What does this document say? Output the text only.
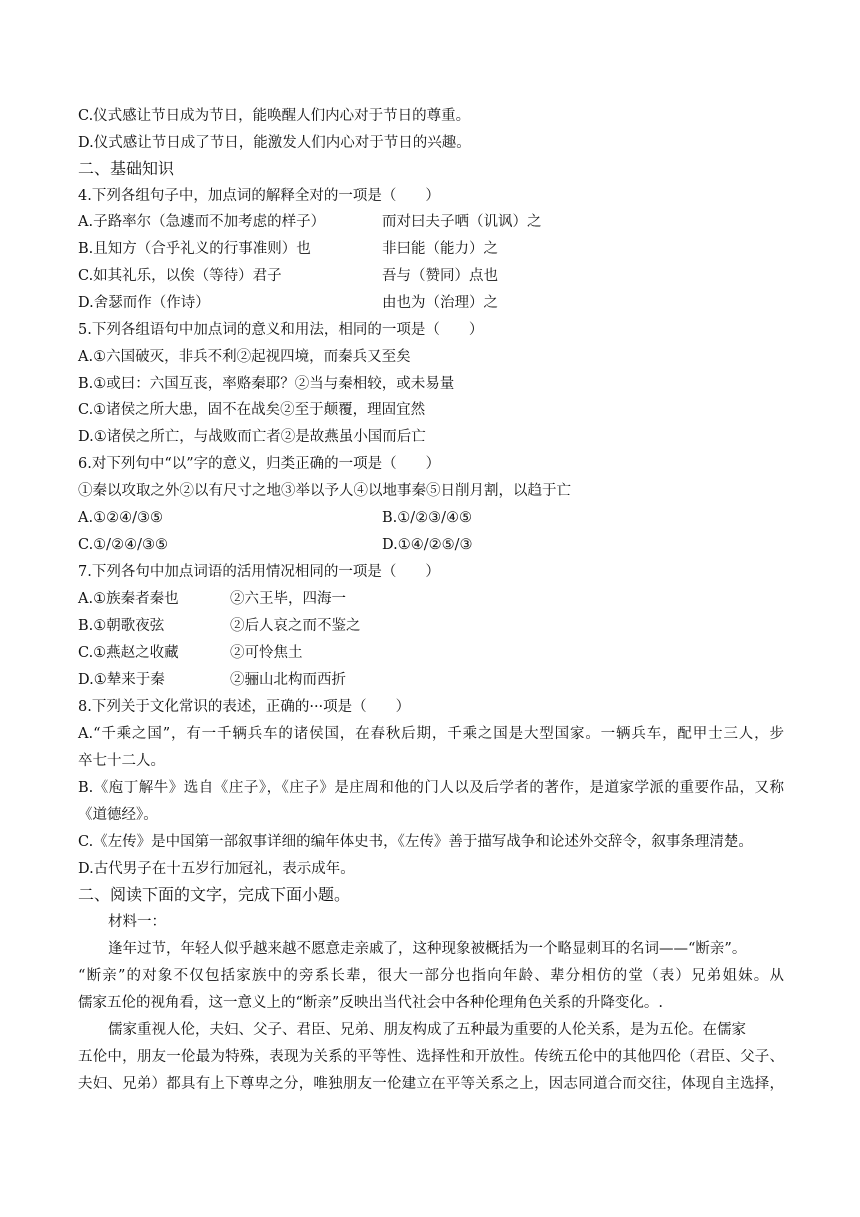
C.仪式感让节日成为节日，能唤醒人们内心对于节日的尊重。
D.仪式感让节日成了节日，能激发人们内心对于节日的兴趣。
二、基础知识
4.下列各组句子中，加点词的解释全对的一项是（　　）
A.子路率尔（急遽而不加考虑的样子）	而对曰夫子哂（讥讽）之
B.且知方（合乎礼义的行事准则）也	非曰能（能力）之
C.如其礼乐，以俟（等待）君子	吾与（赞同）点也
D.舍瑟而作（作诗）	由也为（治理）之
5.下列各组语句中加点词的意义和用法，相同的一项是（　　）
A.①六国破灭，非兵不利②起视四境，而秦兵又至矣
B.①或曰：六国互丧，率赂秦耶？②当与秦相较，或未易量
C.①诸侯之所大患，固不在战矣②至于颠覆，理固宜然
D.①诸侯之所亡，与战败而亡者②是故燕虽小国而后亡
6.对下列句中“以”字的意义，归类正确的一项是（　　）
①秦以攻取之外②以有尺寸之地③举以予人④以地事秦⑤日削月割，以趋于亡
A.①②④/③⑤	B.①/②③/④⑤
C.①/②④/③⑤	D.①④/②⑤/③
7.下列各句中加点词语的活用情况相同的一项是（　　）
A.①族秦者秦也	②六王毕，四海一
B.①朝歌夜弦	②后人哀之而不鉴之
C.①燕赵之收藏	②可怜焦土
D.①辇来于秦	②骊山北构而西折
8.下列关于文化常识的表述，正确的···项是（　　）
A.“千乘之国”，有一千辆兵车的诸侯国，在春秋后期，千乘之国是大型国家。一辆兵车，配甲士三人，步
卒七十二人。
B.《庖丁解牛》选自《庄子》，《庄子》是庄周和他的门人以及后学者的著作，是道家学派的重要作品，又称
《道德经》。
C.《左传》是中国第一部叙事详细的编年体史书，《左传》善于描写战争和论述外交辞令，叙事条理清楚。
D.古代男子在十五岁行加冠礼，表示成年。
二、阅读下面的文字，完成下面小题。
材料一：
逢年过节，年轻人似乎越来越不愿意走亲戚了，这种现象被概括为一个略显刺耳的名词——“断亲”。
“断亲”的对象不仅包括家族中的旁系长辈，很大一部分也指向年龄、辈分相仿的堂（表）兄弟姐妹。从
儒家五伦的视角看，这一意义上的“断亲”反映出当代社会中各种伦理角色关系的升降变化。.
儒家重视人伦，夫妇、父子、君臣、兄弟、朋友构成了五种最为重要的人伦关系，是为五伦。在儒家
五伦中，朋友一伦最为特殊，表现为关系的平等性、选择性和开放性。传统五伦中的其他四伦（君臣、父子、
夫妇、兄弟）都具有上下尊卑之分，唯独朋友一伦建立在平等关系之上，因志同道合而交往，体现自主选择，
